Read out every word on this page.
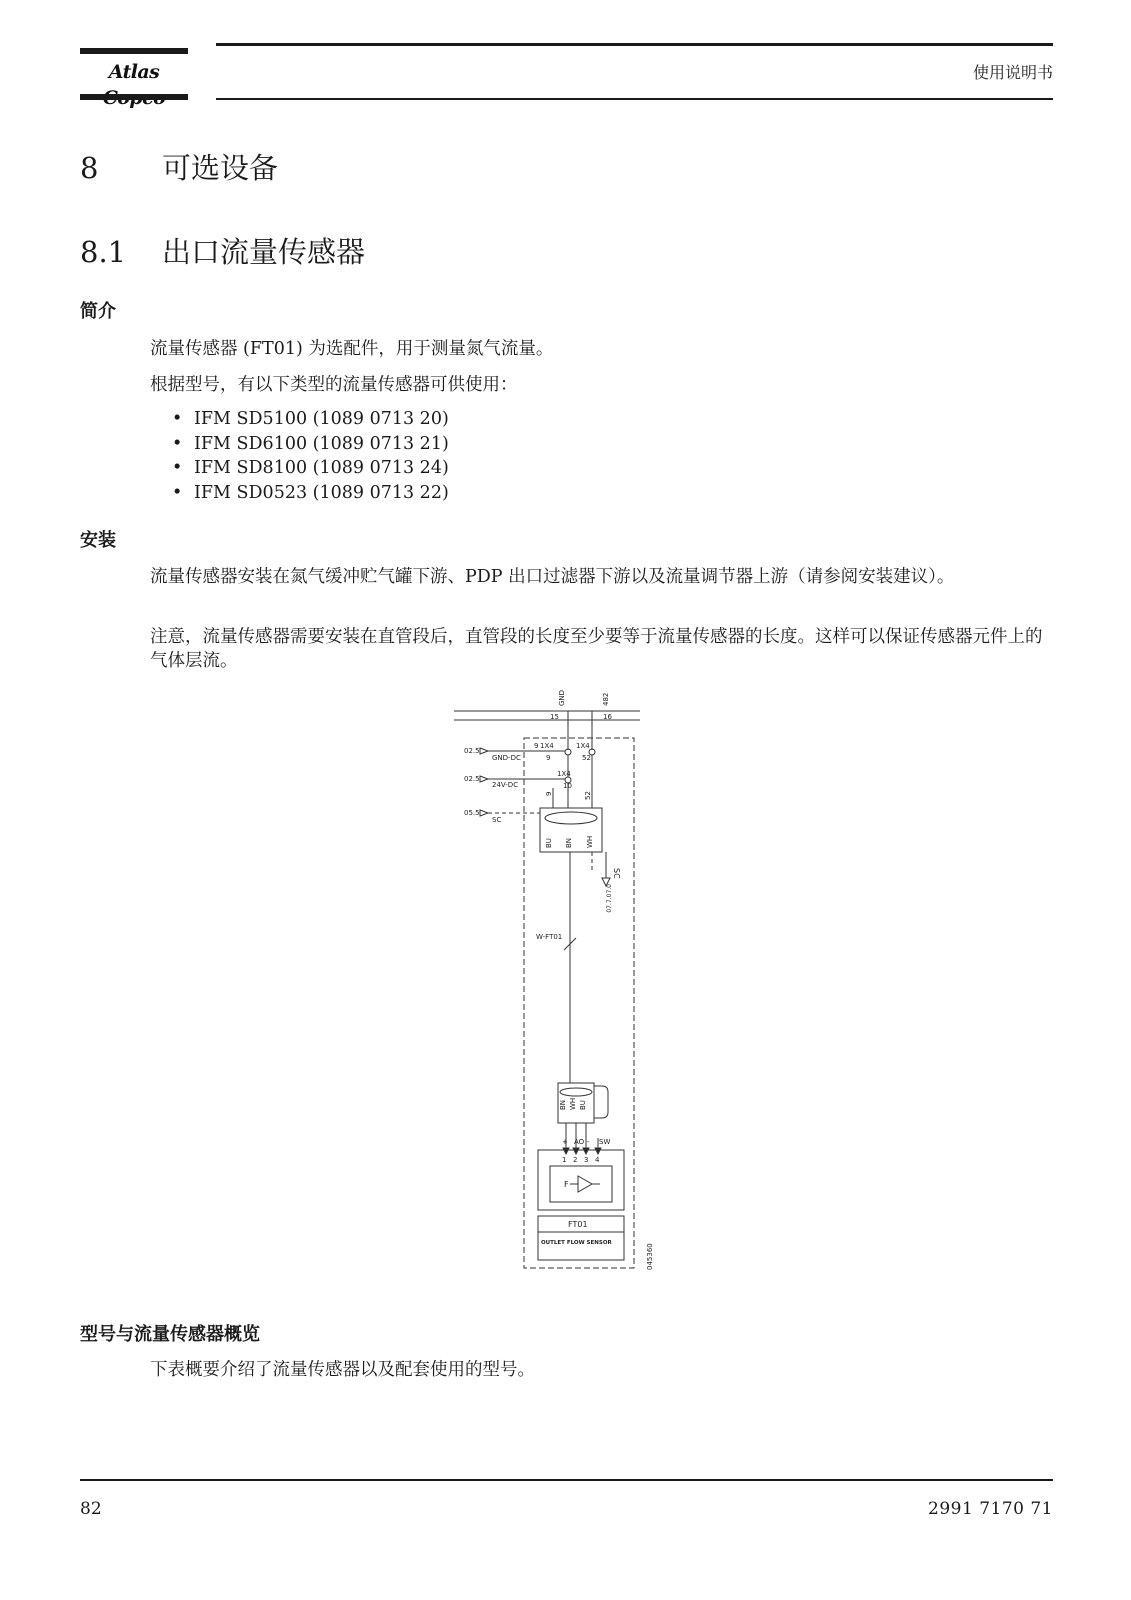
Atlas	使用说明书
8 可选设备
8.1 出口流量传感器
简介
流量传感器 (FT01) 为选配件，用于测量氮气流量。
根据型号，有以下类型的流量传感器可供使用：
• IFM SD5100 (1089 0713 20)
• IFM SD6100 (1089 0713 21)
• IFM SD8100 (1089 0713 24)
• IFM SD0523 (1089 0713 22)
安装
流量传感器安装在氮气缓冲贮气罐下游、PDP 出口过滤器下游以及流量调节器上游（请参阅安装建议）。
注意，流量传感器需要安装在直管段后，直管段的长度至少要等于流量传感器的长度。这样可以保证传感器元件上的气体层流。
GND	482
15	16
02.5
02.5
05.5
GND-DC
24V-DC
SC
9 1X4	1X4
9	52
1X4
10
9	52
BU BN WH
SC
07.7.07.0
W-FT01
BN WH BU
+ AO - SW
1 2 3 4
F
FT01
OUTLET FLOW SENSOR
045360
型号与流量传感器概览
下表概要介绍了流量传感器以及配套使用的型号。
82	2991 7170 71
